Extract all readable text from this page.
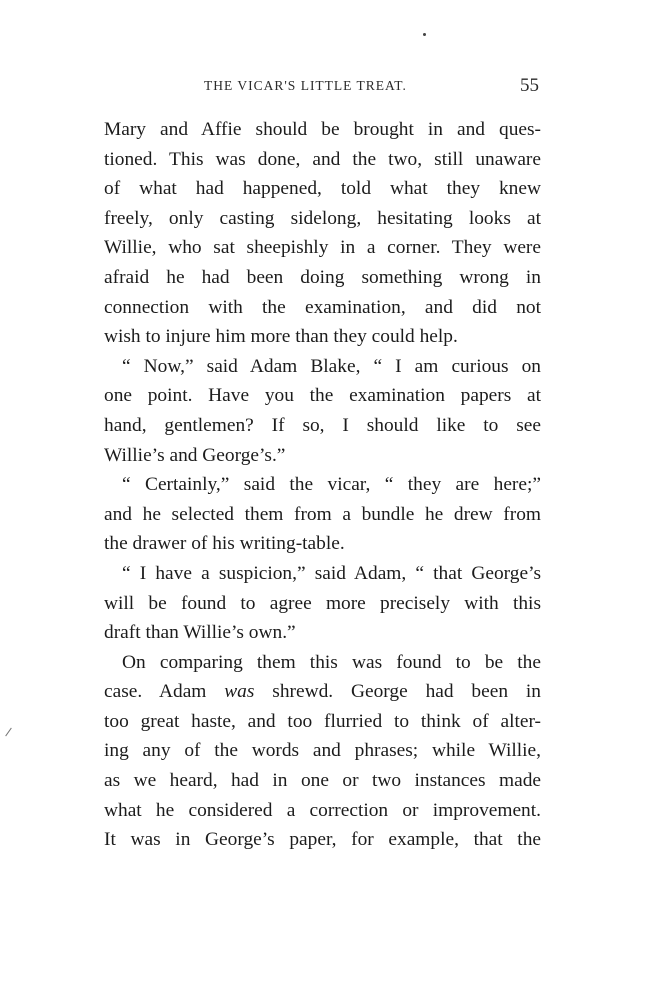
THE VICAR'S LITTLE TREAT.	55
Mary and Affie should be brought in and ques-
tioned. This was done, and the two, still unaware
of what had happened, told what they knew
freely, only casting sidelong, hesitating looks at
Willie, who sat sheepishly in a corner. They were
afraid he had been doing something wrong in
connection with the examination, and did not
wish to injure him more than they could help.
“ Now,” said Adam Blake, “ I am curious on
one point. Have you the examination papers at
hand, gentlemen? If so, I should like to see
Willie’s and George’s.”
“ Certainly,” said the vicar, “ they are here;”
and he selected them from a bundle he drew from
the drawer of his writing-table.
“ I have a suspicion,” said Adam, “ that George’s
will be found to agree more precisely with this
draft than Willie’s own.”
On comparing them this was found to be the
case. Adam was shrewd. George had been in
too great haste, and too flurried to think of alter-
ing any of the words and phrases; while Willie,
as we heard, had in one or two instances made
what he considered a correction or improvement.
It was in George’s paper, for example, that the
